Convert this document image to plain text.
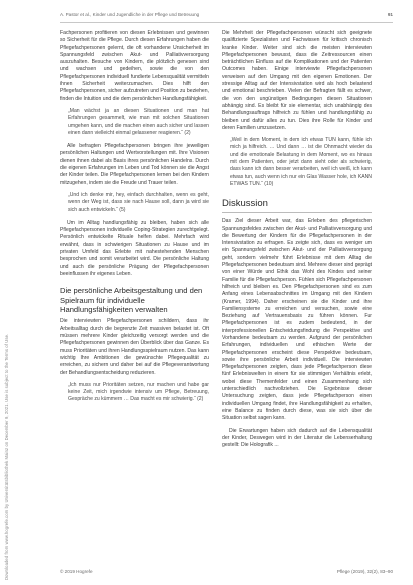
Downloaded from www.hogrefe.com by Universitätsbibliothek Mainz on December 9, 2021. Use is subject to the Terms of Use.
A. Pastor et al., Kinder und Jugendliche in der Pflege und Betreuung	91

Fachpersonen profitieren von diesen Erlebnissen und gewinnen so Sicherheit für die Pflege. Durch diesen Erfahrungen haben die Pflegefachpersonen gelernt, die oft vorhandene Unsicherheit im Spannungsfeld zwischen Akut- und Palliativversorgung auszuhalten. Besuche von Kindern, die plötzlich genesen sind und wachsen und gedeihen, sowie die von den Pflegefachpersonen individuell fundierte Lebensqualität vermitteln ihnen Sicherheit weiterzumachen. Dies hilft den Pflegefachpersonen, sicher aufzutreten und Position zu beziehen, finden die Intuition und die dem persönlichen Handlungsfähigkeit.

„Man wächst ja an diesen Situationen und man hat Erfahrungen gesammelt, wie man mit solchen Situationen umgehen kann, und die machen einen auch sicher und lassen einen dann vielleicht einmal gelassener reagieren.“ (2)

Alle befragten Pflegefachpersonen bringen ihre jeweiligen persönlichen Haltungen und Wertvorstellungen mit. Ihre Visionen dienen ihnen dabei als Basis ihres persönlichen Handelns. Durch die eigenen Erfahrungen im Leben und Tod können sie die Angst der Kinder teilen. Die Pflegefachpersonen lernen bei den Kindern mitzugehen, indem sie die Freude und Trauer teilen.

„Und ich denke mir, hey, einfach durchhalten, wenn es geht, wenn der Weg ist, dass sie nach Hause soll, dann ja wird sie sich auch entwickeln.“ (5)

Um im Alltag handlungsfähig zu bleiben, haben sich alle Pflegefachpersonen individuelle Coping-Strategien zurechtgelegt. Persönlich entwickelte Rituale helfen dabei. Mehrfach wird erwähnt, dass in schwierigen Situationen zu Hause und im privaten Umfeld das Erlebte mit nahestehenden Menschen besprochen und somit verarbeitet wird. Die persönliche Haltung und auch die persönliche Prägung der Pflegefachpersonen beeinflussen ihr eigenes Leben.

Die persönliche Arbeitsgestaltung und den Spielraum für individuelle Handlungsfähigkeiten verwalten

Die interviewten Pflegefachpersonen schildern, dass ihr Arbeitsalltag durch die begrenzte Zeit massiven belastet ist. Oft müssen mehrere Kinder gleichzeitig versorgt werden und die Pflegefachpersonen gewinnen den Überblick über das Ganze. Es muss Prioritäten und ihren Handlungsspielraum nutzen. Das kann wichtig Ihre Ambitionen die gewünschte Pflegequalität zu erreichen, zu sichern und daher bei auf die Pflegeverantwortung der Behandlungsentscheidung reduzieren.

„Ich muss nur Prioritäten setzen, nur machen und habe gar keine Zeit, mich irgendwie intensiv um Pflege, Betreuung, Gespräche zu kümmern … Das macht es mir schwierig.“ (2)

Die Mehrheit der Pflegefachpersonen wünscht sich geeignete qualifizierte Spezialisten und Fachwissen für kritisch chronisch kranke Kinder. Weiter sind sich die meisten interviewten Pflegefachpersonen bewusst, dass die Zeitressourcen einen beträchtlichen Einfluss auf die Komplikationen und der Patienten Outcomes haben. Einige interviewte Pflegefachpersonen verweisen auf den Umgang mit den eigenen Emotionen. Der stressige Alltag auf der Intensivstation wird als hoch belastend und emotional beschrieben. Vielen der Befragten fällt es schwer, die von den ungünstigen Bedingungen diesen Situationen abhängig sind. Es bleibt für sie elementar, sich unabhängig des Behandlungsauftrags hilfreich zu fühlen und handlungsfähig zu bleiben und dafür alles zu tun. Dies ihre Rolle für Kinder und deren Familien umzusetzen.

„Weil in dem Moment, in dem ich etwas TUN kann, fühle ich mich ja hilfreich. … Und dann … ist die Ohnmacht wieder da und die emotionale Belastung in dem Moment, wo es hinaus mit dem Patienten, oder jetzt dann sieht oder als schwierig, dass kann ich dann besser verarbeiten, weil ich weiß, ich kann etwas tun, auch wenn ich nur ein Glas Wasser hole, ich KANN ETWAS TUN.“ (10)
Diskussion

Das Ziel dieser Arbeit war, das Erleben des pflegerischen Spannungsfeldes zwischen der Akut- und Palliativversorgung und die Bewertung der Kindern für die Pflegefachpersonen in der Intensivstation zu erfragen. Es zeigte sich, dass es weniger um ein Spannungsfeld zwischen Akut- und der Palliativversorgung geht, sondern vielmehr führt Erlebnisse mit dem Alltag die Pflegefachpersonen bedeutsam sind. Mehrere dieser sind geprägt von einer Würde und Ethik das Wohl des Kindes und seiner Familie für die Pflegefachperson. Fühlen sich Pflegefachpersonen hilfreich und bleiben es. Den Pflegefachpersonen sind es zum Anfang eines Lebensabschnittes im Umgang mit den Kindern (Kramer, 1994). Daher erscheinen sie die Kinder und ihre Familiensysteme zu erreichen und versuchen, sowie eine Beziehung auf Vertrauensbasis zu führen können. Fur Pflegefachpersonen ist es zudem bedeutend, in der interprofessionellen Entscheidungsfindung die Perspektive und Vorhandene bedeutsam zu werden. Aufgrund der persönlichen Erfahrungen, individuellen und ethischen Werte der Pflegefachpersonen erscheint diese Perspektive bedeutsam, sowie ihre persönliche Arbeit individuell. Die interviewten Pflegefachpersonen zeigten, dass jede Pflegefachperson diese fünf Erlebniswelten in einem für sie stimmigen Verhältnis erlebt, wobei diese Themenfelder und einen Zusammenhang sich unterschiedlich nachvollziehen. Die Ergebnisse dieser Untersuchung zeigten, dass jede Pflegefachperson einen individuellen Umgang findet, ihre Handlungsfähigkeit zu erhalten, eine Balance zu finden durch diese, was sie sich über die Situation selbst sagen kann.

Die Erwartungen haben sich dadurch auf die Lebensqualität der Kinder, Deswegen wird in der Literatur die Lebenserhaltung gestellt: Die Holografik ...

© 2019 Hogrefe	Pflege (2019), 32(2), 83–90
